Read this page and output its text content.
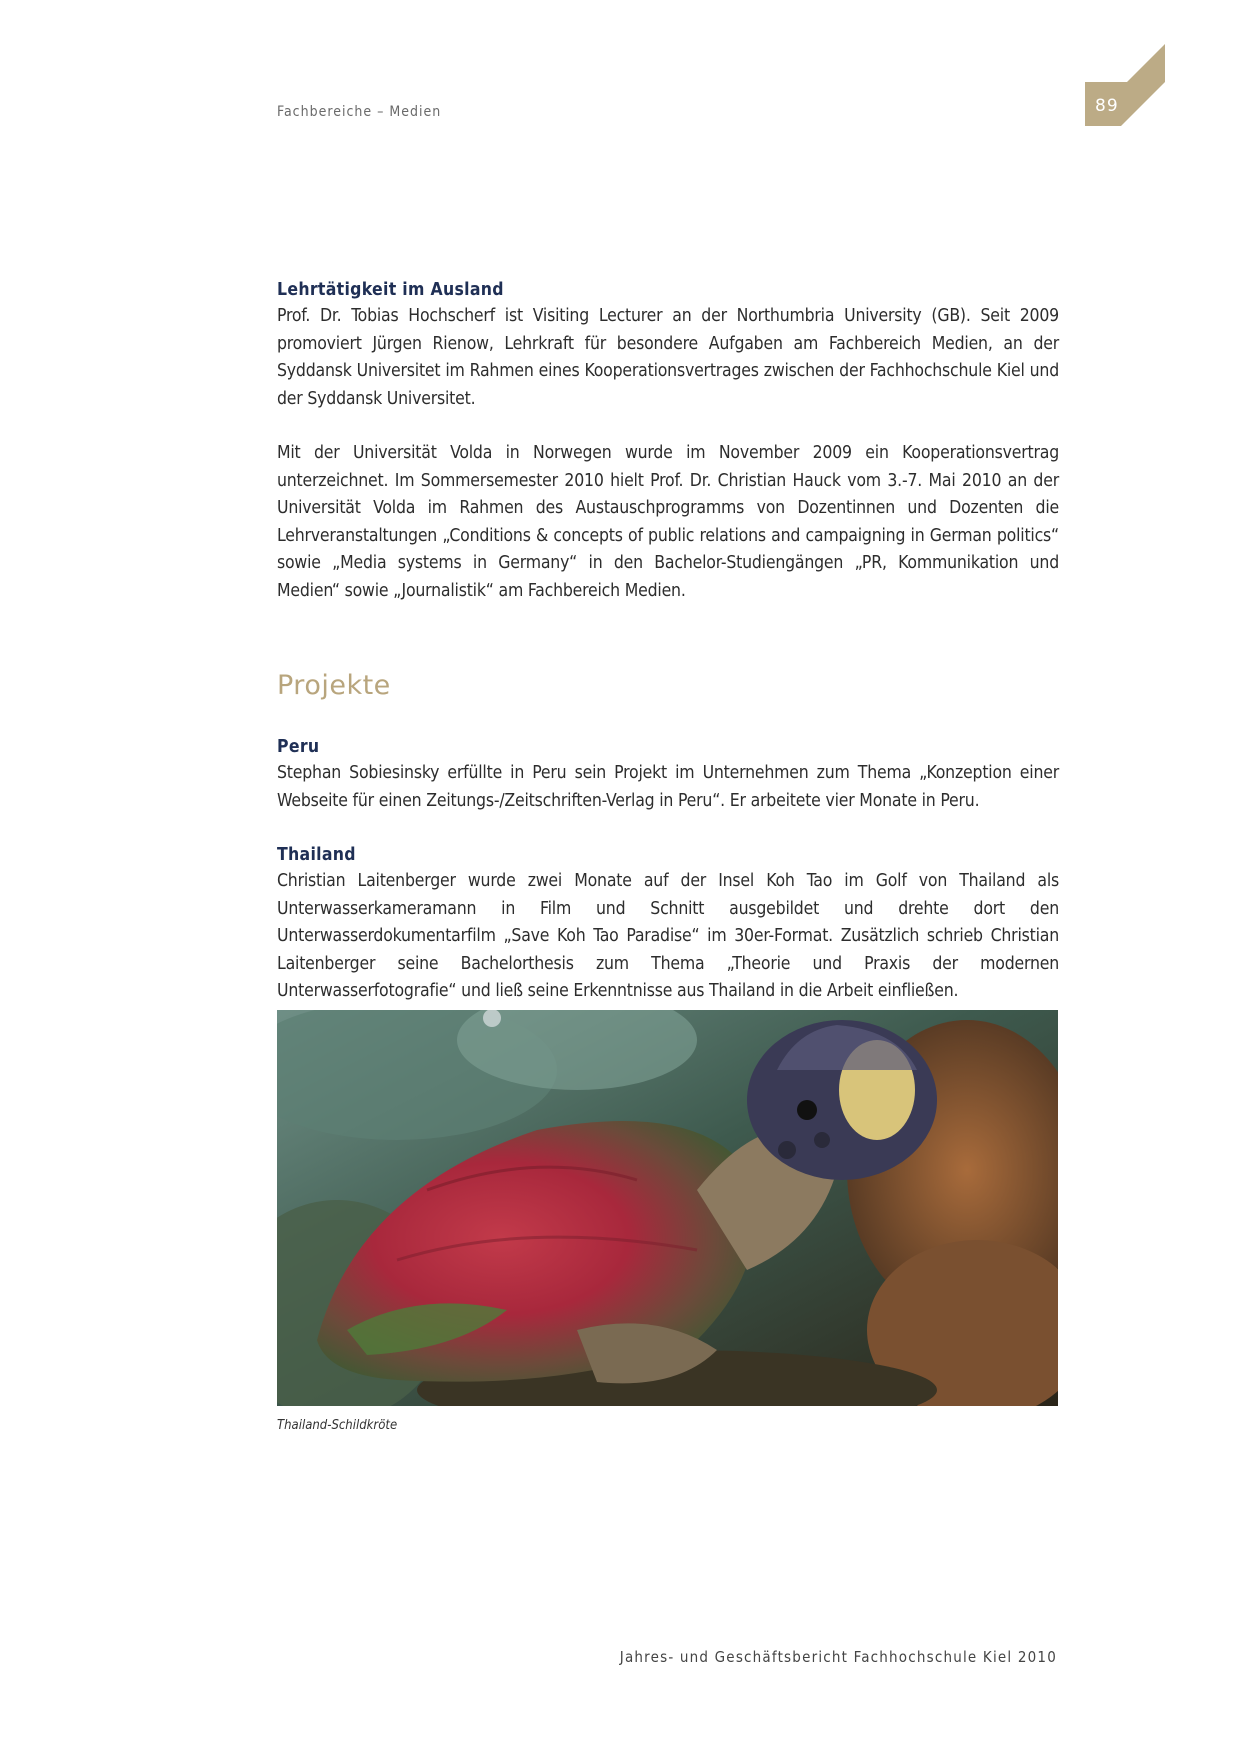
Fachbereiche – Medien	89

Lehrtätigkeit im Ausland

Prof. Dr. Tobias Hochscherf ist Visiting Lecturer an der Northumbria University (GB). Seit 2009 promoviert Jürgen Rienow, Lehrkraft für besondere Aufgaben am Fachbereich Medien, an der Syddansk Universitet im Rahmen eines Kooperationsvertrages zwischen der Fachhochschule Kiel und der Syddansk Universitet.

Mit der Universität Volda in Norwegen wurde im November 2009 ein Kooperationsvertrag unterzeichnet. Im Sommersemester 2010 hielt Prof. Dr. Christian Hauck vom 3.-7. Mai 2010 an der Universität Volda im Rahmen des Austauschprogramms von Dozentinnen und Dozenten die Lehrveranstaltungen „Conditions & concepts of public relations and campaigning in German politics“ sowie „Media systems in Germany“ in den Bachelor-Studiengängen „PR, Kommunikation und Medien“ sowie „Journalistik“ am Fachbereich Medien.

Projekte

Peru

Stephan Sobiesinsky erfüllte in Peru sein Projekt im Unternehmen zum Thema „Konzeption einer Webseite für einen Zeitungs-/Zeitschriften-Verlag in Peru“. Er arbeitete vier Monate in Peru.

Thailand

Christian Laitenberger wurde zwei Monate auf der Insel Koh Tao im Golf von Thailand als Unterwasserkameramann in Film und Schnitt ausgebildet und drehte dort den Unterwasserdokumentarfilm „Save Koh Tao Paradise“ im 30er-Format. Zusätzlich schrieb Christian Laitenberger seine Bachelorthesis zum Thema „Theorie und Praxis der modernen Unterwasserfotografie“ und ließ seine Erkenntnisse aus Thailand in die Arbeit einfließen.

Thailand-Schildkröte
Jahres- und Geschäftsbericht Fachhochschule Kiel 2010
